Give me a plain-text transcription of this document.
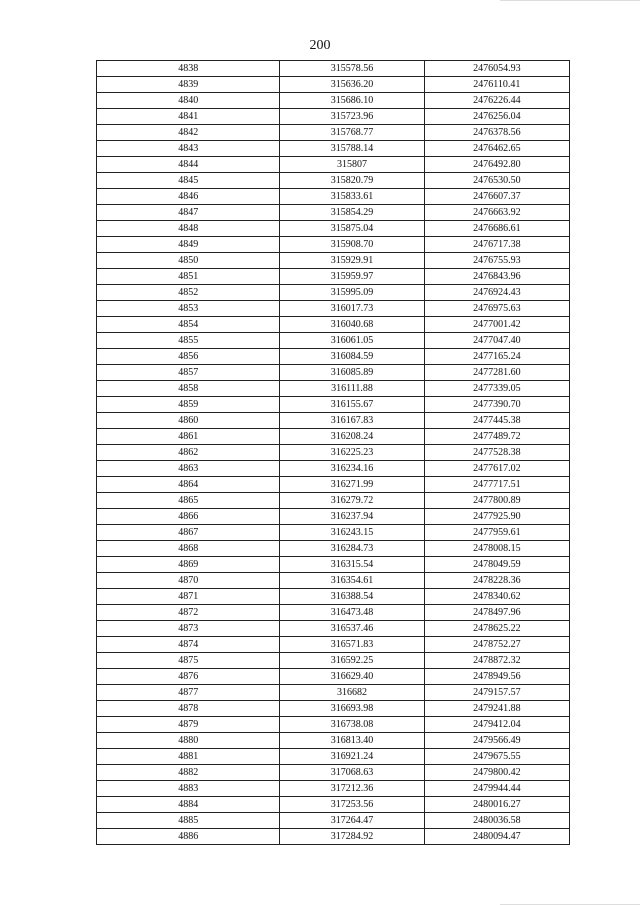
200
4838	315578.56	2476054.93
4839	315636.20	2476110.41
4840	315686.10	2476226.44
4841	315723.96	2476256.04
4842	315768.77	2476378.56
4843	315788.14	2476462.65
4844	315807	2476492.80
4845	315820.79	2476530.50
4846	315833.61	2476607.37
4847	315854.29	2476663.92
4848	315875.04	2476686.61
4849	315908.70	2476717.38
4850	315929.91	2476755.93
4851	315959.97	2476843.96
4852	315995.09	2476924.43
4853	316017.73	2476975.63
4854	316040.68	2477001.42
4855	316061.05	2477047.40
4856	316084.59	2477165.24
4857	316085.89	2477281.60
4858	316111.88	2477339.05
4859	316155.67	2477390.70
4860	316167.83	2477445.38
4861	316208.24	2477489.72
4862	316225.23	2477528.38
4863	316234.16	2477617.02
4864	316271.99	2477717.51
4865	316279.72	2477800.89
4866	316237.94	2477925.90
4867	316243.15	2477959.61
4868	316284.73	2478008.15
4869	316315.54	2478049.59
4870	316354.61	2478228.36
4871	316388.54	2478340.62
4872	316473.48	2478497.96
4873	316537.46	2478625.22
4874	316571.83	2478752.27
4875	316592.25	2478872.32
4876	316629.40	2478949.56
4877	316682	2479157.57
4878	316693.98	2479241.88
4879	316738.08	2479412.04
4880	316813.40	2479566.49
4881	316921.24	2479675.55
4882	317068.63	2479800.42
4883	317212.36	2479944.44
4884	317253.56	2480016.27
4885	317264.47	2480036.58
4886	317284.92	2480094.47
